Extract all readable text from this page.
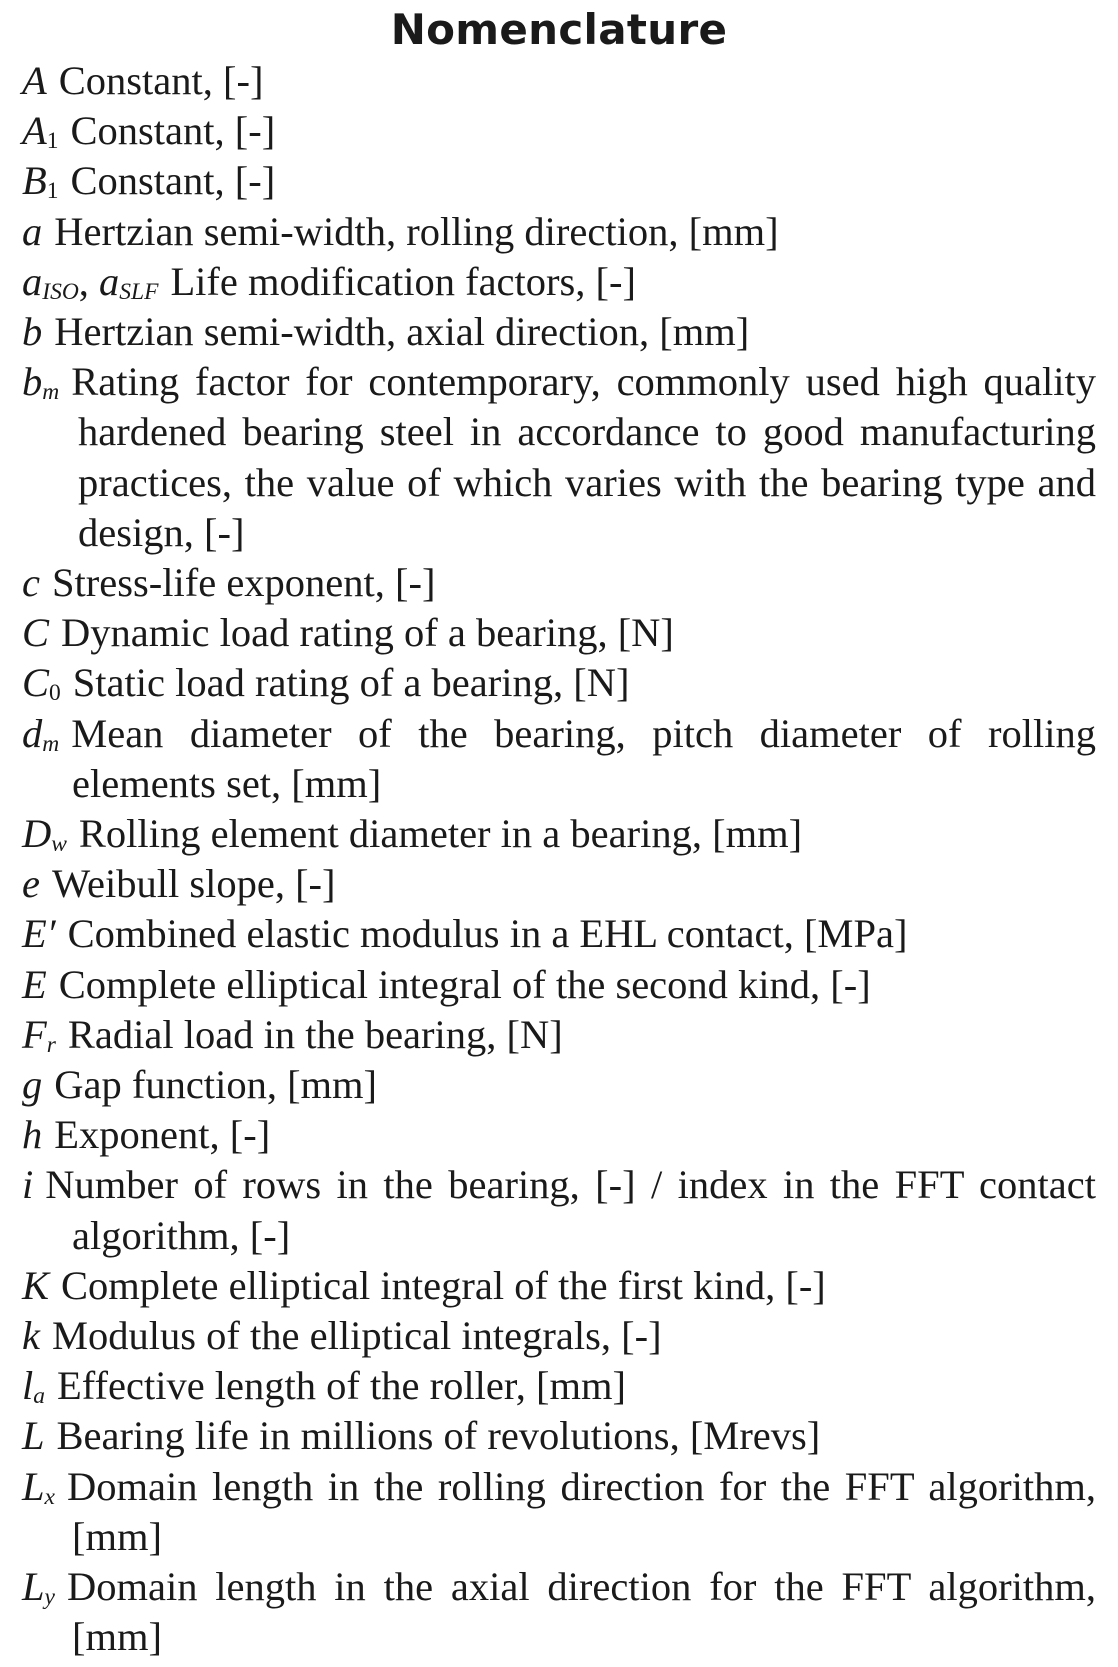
Nomenclature
A Constant, [-]
$A_1$ Constant, [-]
$B_1$ Constant, [-]
a Hertzian semi-width, rolling direction, [mm]
$a_{ISO}$, $a_{SLF}$ Life modification factors, [-]
b Hertzian semi-width, axial direction, [mm]
$b_m$ Rating factor for contemporary, commonly used high quality hardened bearing steel in accordance to good manufacturing practices, the value of which varies with the bearing type and design, [-]
c Stress-life exponent, [-]
C Dynamic load rating of a bearing, [N]
$C_0$ Static load rating of a bearing, [N]
$d_m$ Mean diameter of the bearing, pitch diameter of rolling elements set, [mm]
$D_w$ Rolling element diameter in a bearing, [mm]
e Weibull slope, [-]
E′ Combined elastic modulus in a EHL contact, [MPa]
E Complete elliptical integral of the second kind, [-]
$F_r$ Radial load in the bearing, [N]
g Gap function, [mm]
h Exponent, [-]
i Number of rows in the bearing, [-] / index in the FFT contact algorithm, [-]
K Complete elliptical integral of the first kind, [-]
k Modulus of the elliptical integrals, [-]
$l_a$ Effective length of the roller, [mm]
L Bearing life in millions of revolutions, [Mrevs]
$L_x$ Domain length in the rolling direction for the FFT algorithm, [mm]
$L_y$ Domain length in the axial direction for the FFT algorithm, [mm]
